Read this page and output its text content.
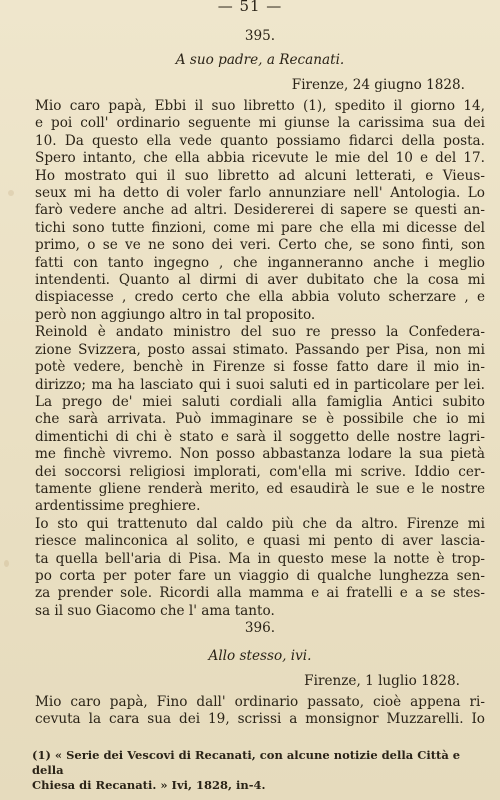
— 51 —
395.
A suo padre, a Recanati.
Firenze, 24 giugno 1828.
Mio caro papà, Ebbi il suo libretto (1), spedito il giorno 14,
e poi coll' ordinario seguente mi giunse la carissima sua dei
10. Da questo ella vede quanto possiamo fidarci della posta.
Spero intanto, che ella abbia ricevute le mie del 10 e del 17.
Ho mostrato qui il suo libretto ad alcuni letterati, e Vieus-
seux mi ha detto di voler farlo annunziare nell' Antologia. Lo
farò vedere anche ad altri. Desidererei di sapere se questi an-
tichi sono tutte finzioni, come mi pare che ella mi dicesse del
primo, o se ve ne sono dei veri. Certo che, se sono finti, son
fatti con tanto ingegno , che inganneranno anche i meglio
intendenti. Quanto al dirmi di aver dubitato che la cosa mi
dispiacesse , credo certo che ella abbia voluto scherzare , e
però non aggiungo altro in tal proposito.
Reinold è andato ministro del suo re presso la Confedera-
zione Svizzera, posto assai stimato. Passando per Pisa, non mi
potè vedere, benchè in Firenze si fosse fatto dare il mio in-
dirizzo; ma ha lasciato qui i suoi saluti ed in particolare per lei.
La prego de' miei saluti cordiali alla famiglia Antici subito
che sarà arrivata. Può immaginare se è possibile che io mi
dimentichi di chi è stato e sarà il soggetto delle nostre lagri-
me finchè vivremo. Non posso abbastanza lodare la sua pietà
dei soccorsi religiosi implorati, com'ella mi scrive. Iddio cer-
tamente gliene renderà merito, ed esaudirà le sue e le nostre
ardentissime preghiere.
Io sto qui trattenuto dal caldo più che da altro. Firenze mi
riesce malinconica al solito, e quasi mi pento di aver lascia-
ta quella bell'aria di Pisa. Ma in questo mese la notte è trop-
po corta per poter fare un viaggio di qualche lunghezza sen-
za prender sole. Ricordi alla mamma e ai fratelli e a se stes-
sa il suo Giacomo che l' ama tanto.
396.
Allo stesso, ivi.
Firenze, 1 luglio 1828.
Mio caro papà, Fino dall' ordinario passato, cioè appena ri-
cevuta la cara sua dei 19, scrissi a monsignor Muzzarelli. Io
(1) « Serie dei Vescovi di Recanati, con alcune notizie della Città e della
Chiesa di Recanati. » Ivi, 1828, in-4.
